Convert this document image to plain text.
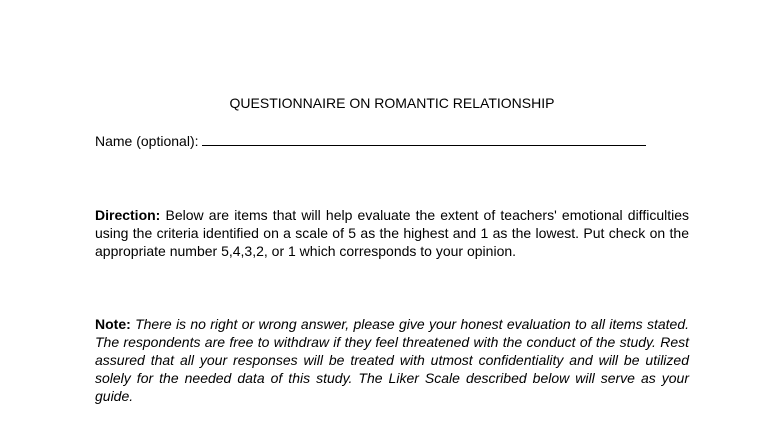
QUESTIONNAIRE ON ROMANTIC RELATIONSHIP
Name (optional):
Direction: Below are items that will help evaluate the extent of teachers' emotional difficulties using the criteria identified on a scale of 5 as the highest and 1 as the lowest. Put check on the appropriate number 5,4,3,2, or 1 which corresponds to your opinion.
Note: There is no right or wrong answer, please give your honest evaluation to all items stated. The respondents are free to withdraw if they feel threatened with the conduct of the study. Rest assured that all your responses will be treated with utmost confidentiality and will be utilized solely for the needed data of this study. The Liker Scale described below will serve as your guide.
